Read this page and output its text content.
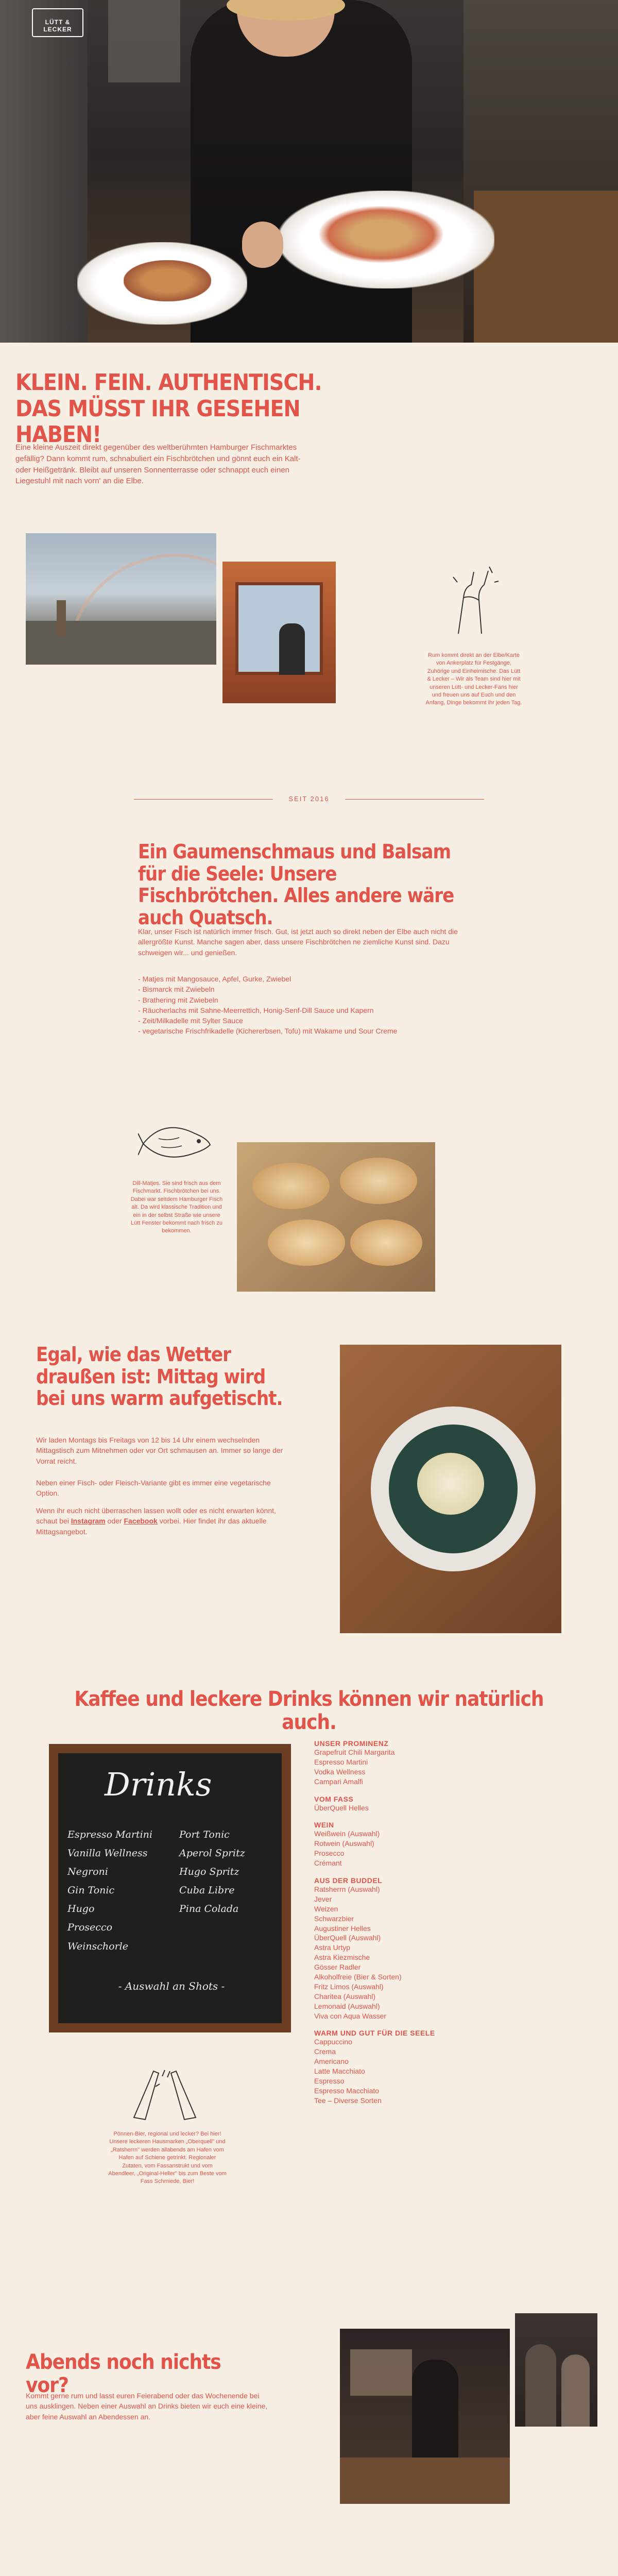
LÜTT & LECKER
KLEIN. FEIN. AUTHENTISCH.
DAS MÜSST IHR GESEHEN HABEN!

Eine kleine Auszeit direkt gegenüber des weltberühmten Hamburger Fischmarktes gefällig? Dann kommt rum, schnabuliert ein Fischbrötchen und gönnt euch ein Kalt- oder Heißgetränk. Bleibt auf unseren Sonnenterrasse oder schnappt euch einen Liegestuhl mit nach vorn' an die Elbe.

Rum kommt direkt an der Elbe/Karte von Ankerplatz für Festgänge, Zuhörige und Einheimische. Das Lütt & Lecker – Wir als Team sind hier mit unseren Lütt- und Lecker-Fans hier und freuen uns auf Euch und den Anfang, Dinge bekommt ihr jeden Tag.

SEIT 2016
Ein Gaumenschmaus und Balsam für die Seele: Unsere Fischbrötchen. Alles andere wäre auch Quatsch.

Klar, unser Fisch ist natürlich immer frisch. Gut, ist jetzt auch so direkt neben der Elbe auch nicht die allergrößte Kunst. Manche sagen aber, dass unsere Fischbrötchen ne ziemliche Kunst sind. Dazu schweigen wir... und genießen.

- Matjes mit Mangosauce, Apfel, Gurke, Zwiebel
- Bismarck mit Zwiebeln
- Brathering mit Zwiebeln
- Räucherlachs mit Sahne-Meerrettich, Honig-Senf-Dill Sauce und Kapern
- Zeit/Milkadelle mit Sylter Sauce
- vegetarische Frischfrikadelle (Kichererbsen, Tofu) mit Wakame und Sour Creme

Dill-Matjes. Sie sind frisch aus dem Fischmarkt. Fischbrötchen bei uns. Dabei war seitdem Hamburger Fisch alt. Da wird klassische Tradition und ein in der selbst Straße wie unsere Lütt Fenster bekommt nach frisch zu bekommen.

Egal, wie das Wetter draußen ist: Mittag wird bei uns warm aufgetischt.

Wir laden Montags bis Freitags von 12 bis 14 Uhr einem wechselnden Mittagstisch zum Mitnehmen oder vor Ort schmausen an. Immer so lange der Vorrat reicht.

Neben einer Fisch- oder Fleisch-Variante gibt es immer eine vegetarische Option.

Wenn ihr euch nicht überraschen lassen wollt oder es nicht erwarten könnt, schaut bei Instagram oder Facebook vorbei. Hier findet ihr das aktuelle Mittagsangebot.

Kaffee und leckere Drinks können wir natürlich auch.
Drinks
Espresso Martini
Vanilla Wellness
Negroni
Gin Tonic
Hugo
Prosecco Weinschorle
Port Tonic
Aperol Spritz
Hugo Spritz
Cuba Libre
Pina Colada
- Auswahl an Shots -

Pönnen-Bier, regional und lecker? Bei hier! Unsere leckeren Hausmarken „Oberquell" und „Ratsherrn" werden allabends am Hafen vom Hafen auf Schiene getrinkt. Regionaler Zutaten, vom Fassanstrukt und vom Abendleer, „Original-Heller" bis zum Beste vom Fass Schmiede, Bier!

UNSER PROMINENZ
Grapefruit Chili Margarita
Espresso Martini
Vodka Wellness
Campari Amalfi
VOM FASS
ÜberQuell Helles
WEIN
Weißwein (Auswahl)
Rotwein (Auswahl)
Prosecco
Crémant
AUS DER BUDDEL
Ratsherrn (Auswahl)
Jever
Weizen
Schwarzbier
Augustiner Helles
ÜberQuell (Auswahl)
Astra Urtyp
Astra Kiezmische
Gösser Radler
Alkoholfreie (Bier & Sorten)
Fritz Limos (Auswahl)
Charitea (Auswahl)
Lemonaid (Auswahl)
Viva con Aqua Wasser
WARM UND GUT FÜR DIE SEELE
Cappuccino
Crema
Americano
Latte Macchiato
Espresso
Espresso Macchiato
Tee – Diverse Sorten
Abends noch nichts vor?

Kommt gerne rum und lasst euren Feierabend oder das Wochenende bei uns ausklingen. Neben einer Auswahl an Drinks bieten wir euch eine kleine, aber feine Auswahl an Abendessen an.
